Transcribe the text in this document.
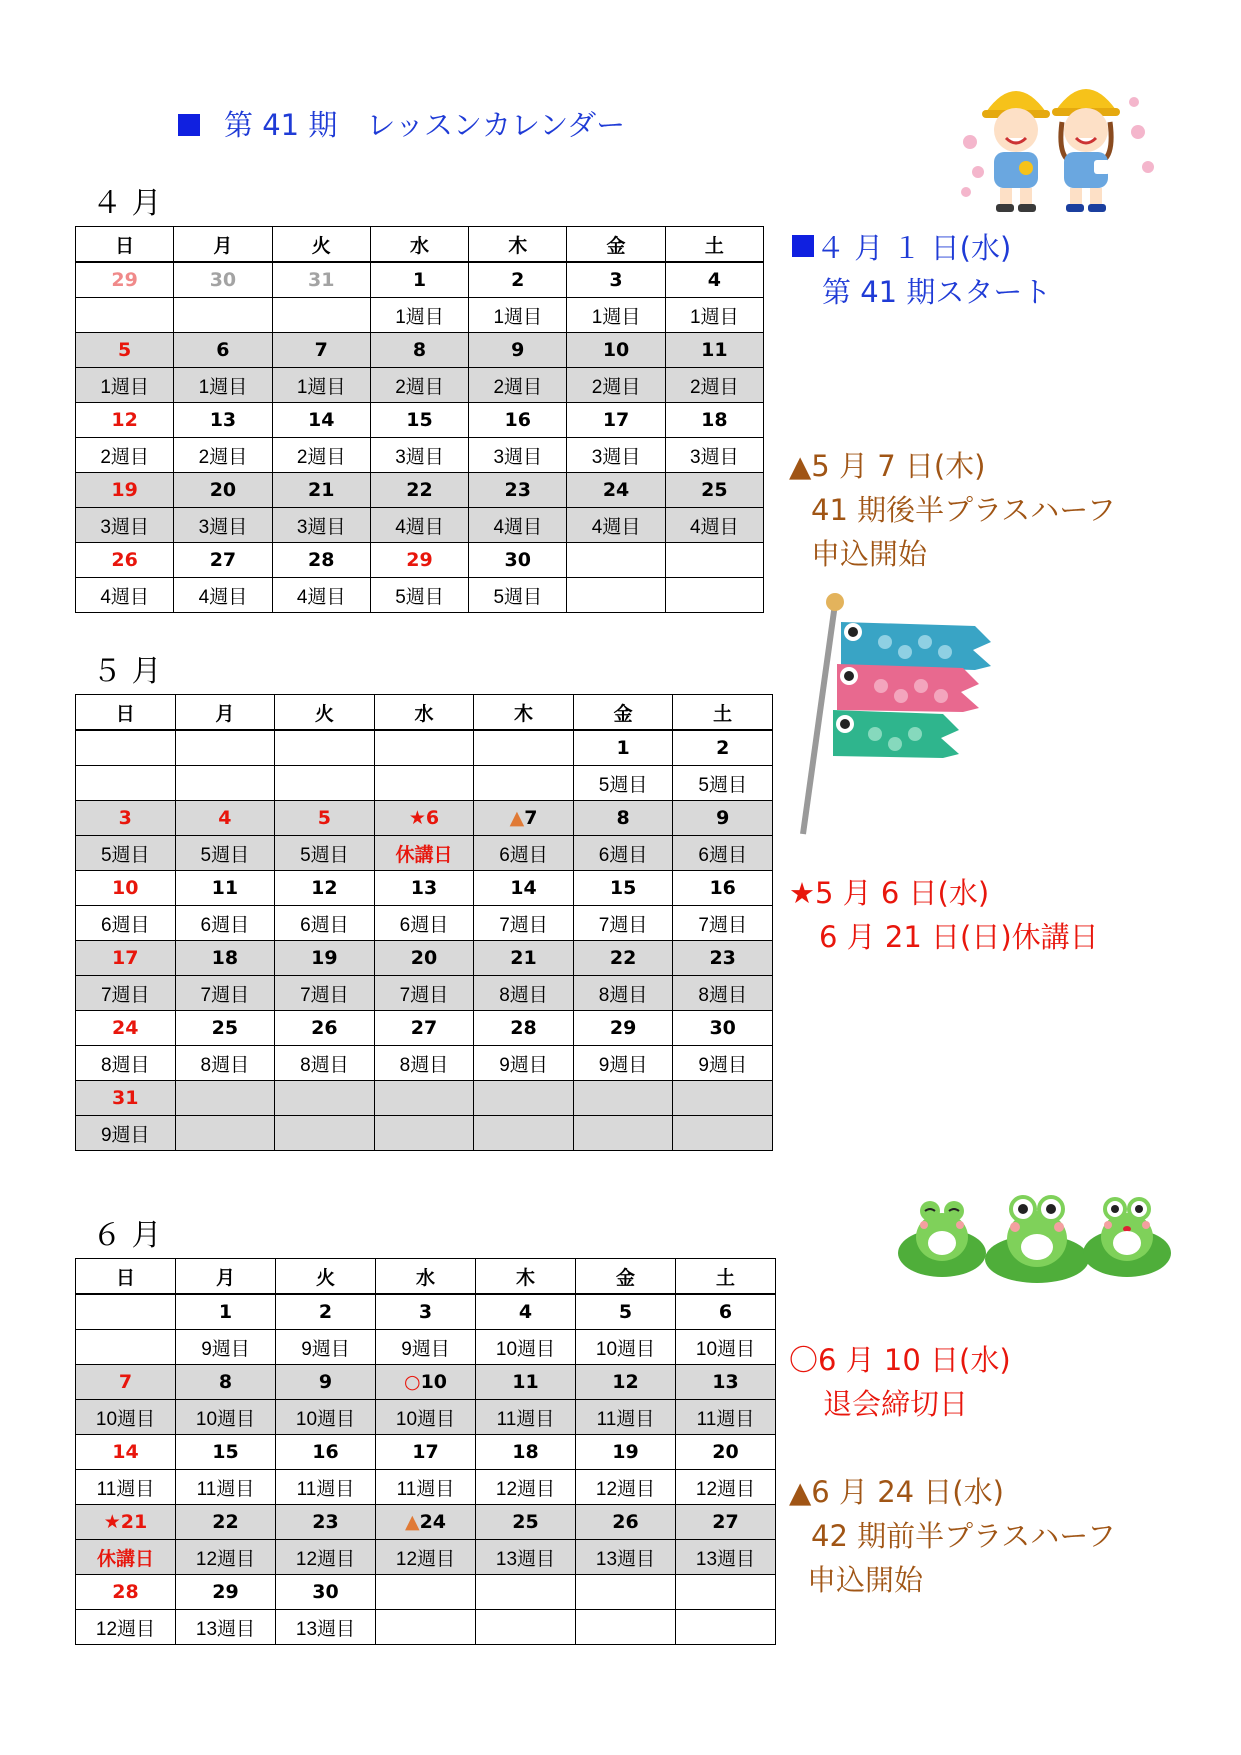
第 41 期　レッスンカレンダー
４ 月
日	月	火	水	木	金	土
29	30	31	1	2	3	4
			1週目	1週目	1週目	1週目
5	6	7	8	9	10	11
1週目	1週目	1週目	2週目	2週目	2週目	2週目
12	13	14	15	16	17	18
2週目	2週目	2週目	3週目	3週目	3週目	3週目
19	20	21	22	23	24	25
3週目	3週目	3週目	4週目	4週目	4週目	4週目
26	27	28	29	30		
4週目	4週目	4週目	5週目	5週目		
５ 月
日	月	火	水	木	金	土
					1	2
					5週目	5週目
3	4	5	★6	▲7	8	9
5週目	5週目	5週目	休講日	6週目	6週目	6週目
10	11	12	13	14	15	16
6週目	6週目	6週目	6週目	7週目	7週目	7週目
17	18	19	20	21	22	23
7週目	7週目	7週目	7週目	8週目	8週目	8週目
24	25	26	27	28	29	30
8週目	8週目	8週目	8週目	9週目	9週目	9週目
31						
9週目						
６ 月
日	月	火	水	木	金	土
	1	2	3	4	5	6
	9週目	9週目	9週目	10週目	10週目	10週目
7	8	9	○10	11	12	13
10週目	10週目	10週目	10週目	11週目	11週目	11週目
14	15	16	17	18	19	20
11週目	11週目	11週目	11週目	12週目	12週目	12週目
★21	22	23	▲24	25	26	27
休講日	12週目	12週目	12週目	13週目	13週目	13週目
28	29	30				
12週目	13週目	13週目				
４ 月 １ 日(水)
第 41 期スタート
▲5 月 7 日(木)
41 期後半プラスハーフ
申込開始
★5 月 6 日(水)
6 月 21 日(日)休講日
〇6 月 10 日(水)
退会締切日
▲6 月 24 日(水)
42 期前半プラスハーフ
申込開始
